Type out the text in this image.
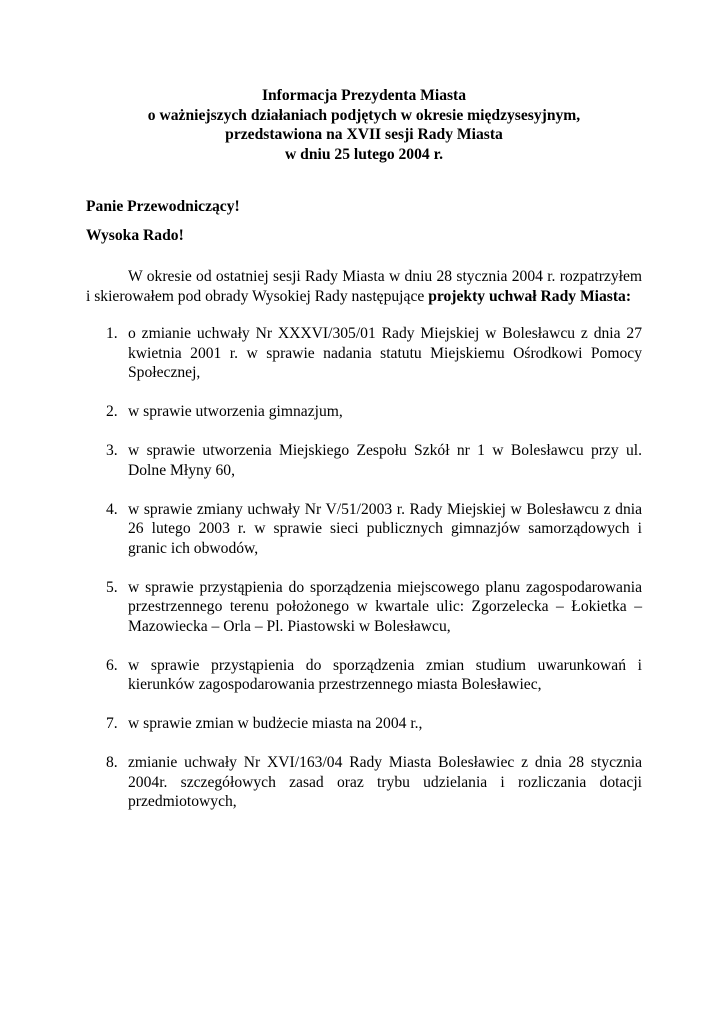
Informacja Prezydenta Miasta
o ważniejszych działaniach podjętych w okresie międzysesyjnym,
przedstawiona na XVII sesji Rady Miasta
w dniu 25 lutego 2004 r.

Panie Przewodniczący!

Wysoka Rado!

W okresie od ostatniej sesji Rady Miasta w dniu 28 stycznia 2004 r. rozpatrzyłem i skierowałem pod obrady Wysokiej Rady następujące projekty uchwał Rady Miasta:

1. o zmianie uchwały Nr XXXVI/305/01 Rady Miejskiej w Bolesławcu z dnia 27 kwietnia 2001 r. w sprawie nadania statutu Miejskiemu Ośrodkowi Pomocy Społecznej,
2. w sprawie utworzenia gimnazjum,
3. w sprawie utworzenia Miejskiego Zespołu Szkół nr 1 w Bolesławcu przy ul. Dolne Młyny 60,
4. w sprawie zmiany uchwały Nr V/51/2003 r. Rady Miejskiej w Bolesławcu z dnia 26 lutego 2003 r. w sprawie sieci publicznych gimnazjów samorządowych i granic ich obwodów,
5. w sprawie przystąpienia do sporządzenia miejscowego planu zagospodarowania przestrzennego terenu położonego w kwartale ulic: Zgorzelecka – Łokietka – Mazowiecka – Orla – Pl. Piastowski w Bolesławcu,
6. w sprawie przystąpienia do sporządzenia zmian studium uwarunkowań i kierunków zagospodarowania przestrzennego miasta Bolesławiec,
7. w sprawie zmian w budżecie miasta na 2004 r.,
8. zmianie uchwały Nr XVI/163/04 Rady Miasta Bolesławiec z dnia 28 stycznia 2004r. szczegółowych zasad oraz trybu udzielania i rozliczania dotacji przedmiotowych,
